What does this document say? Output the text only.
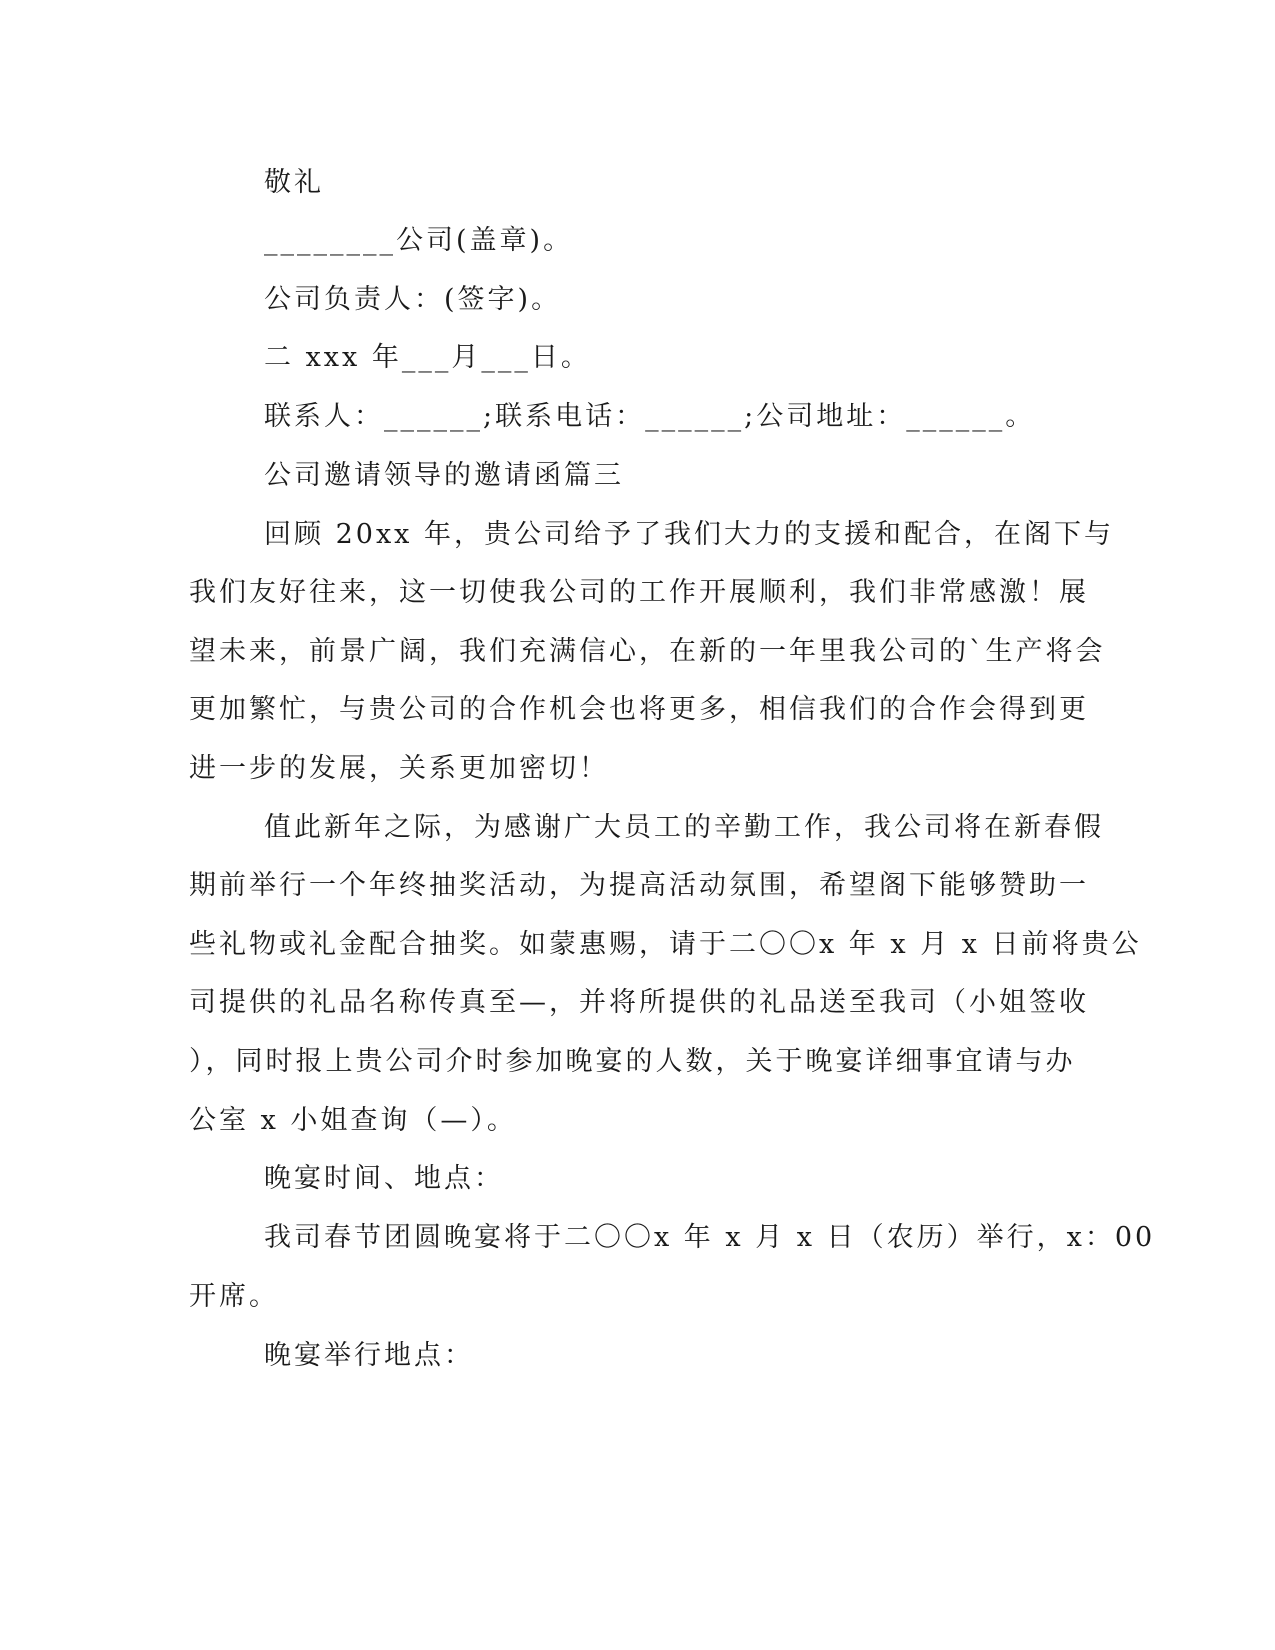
敬礼
________公司(盖章)。
公司负责人：(签字)。
二 xxx 年___月___日。
联系人：______;联系电话：______;公司地址：______。
公司邀请领导的邀请函篇三
回顾 20xx 年，贵公司给予了我们大力的支援和配合，在阁下与
我们友好往来，这一切使我公司的工作开展顺利，我们非常感激！展
望未来，前景广阔，我们充满信心，在新的一年里我公司的`生产将会
更加繁忙，与贵公司的合作机会也将更多，相信我们的合作会得到更
进一步的发展，关系更加密切！
值此新年之际，为感谢广大员工的辛勤工作，我公司将在新春假
期前举行一个年终抽奖活动，为提高活动氛围，希望阁下能够赞助一
些礼物或礼金配合抽奖。如蒙惠赐，请于二〇〇x 年 x 月 x 日前将贵公
司提供的礼品名称传真至—，并将所提供的礼品送至我司（小姐签收
），同时报上贵公司介时参加晚宴的人数，关于晚宴详细事宜请与办
公室 x 小姐查询（—）。
晚宴时间、地点：
我司春节团圆晚宴将于二〇〇x 年 x 月 x 日（农历）举行，x：00
开席。
晚宴举行地点：
